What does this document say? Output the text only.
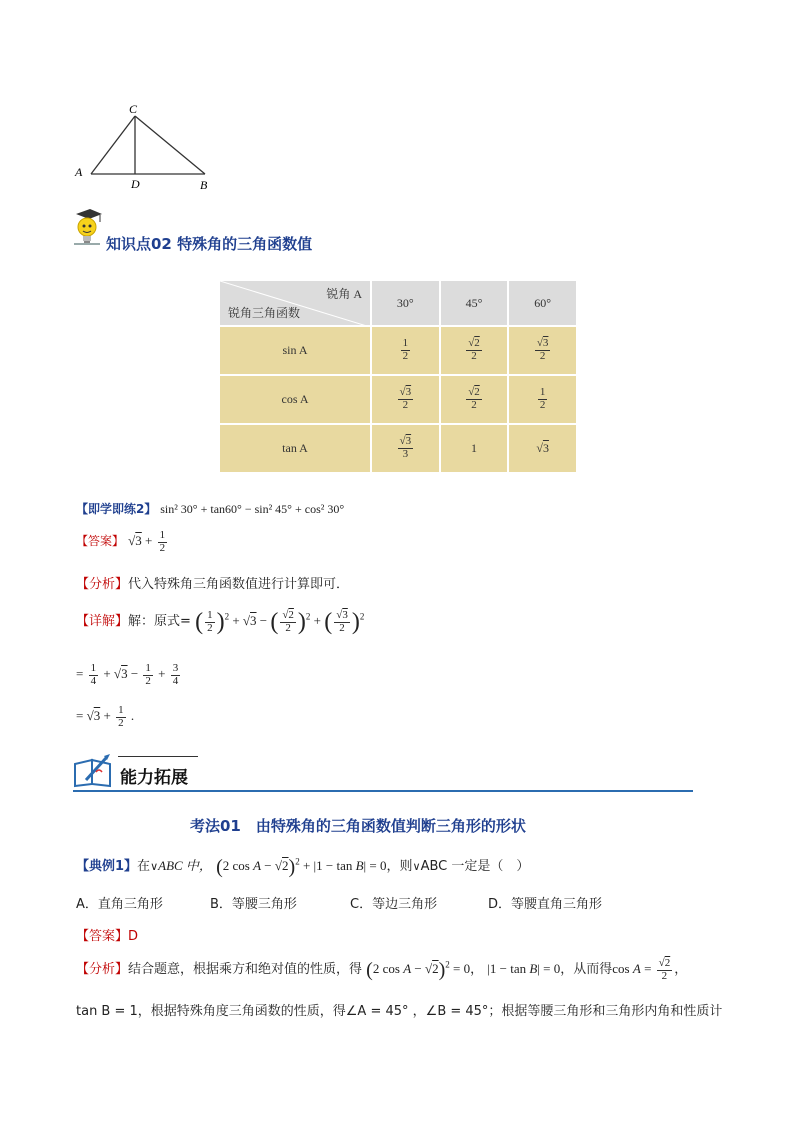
C
A
D	B
知识点02 特殊角的三角函数值
锐角 A
锐角三角函数	30°	45°	60°
sin A	$\frac{1}{2}$	$\frac{√2}{2}$	$\frac{√3}{2}$

cos A	$\frac{√3}{2}$	$\frac{√2}{2}$	$\frac{1}{2}$

tan A	$\frac{√3}{3}$	1	√3
【即学即练2】 sin² 30° + tan60° − sin² 45° + cos² 30°
【答案】 $√3 + \frac{1}{2}$
【分析】代入特殊角三角函数值进行计算即可．
【详解】解：原式= ( $\frac{1}{2} )^2 + √3$ − ( $\frac{√2}{2} )^2$ + ( $\frac{√3}{2} )^2$
= $\frac{1}{4} + √3 - \frac{1}{2} + \frac{3}{4}$
= $√3 + \frac{1}{2}$ .
能力拓展
考法01　由特殊角的三角函数值判断三角形的形状
【典例1】在∨ABC 中， (2 cos A − √2)$^2$ + |1 − tan B| = 0，则∨ABC 一定是（　）
A．直角三角形	B．等腰三角形	C．等边三角形	D．等腰直角三角形
【答案】D
【分析】结合题意，根据乘方和绝对值的性质，得 (2 cos A − √2)$^2$ = 0， |1 − tan B| = 0，从而得$\cos A = \frac{√2}{2}$ ，
tan B = 1，根据特殊角度三角函数的性质，得∠A = 45° ，∠B = 45°；根据等腰三角形和三角形内角和性质计
